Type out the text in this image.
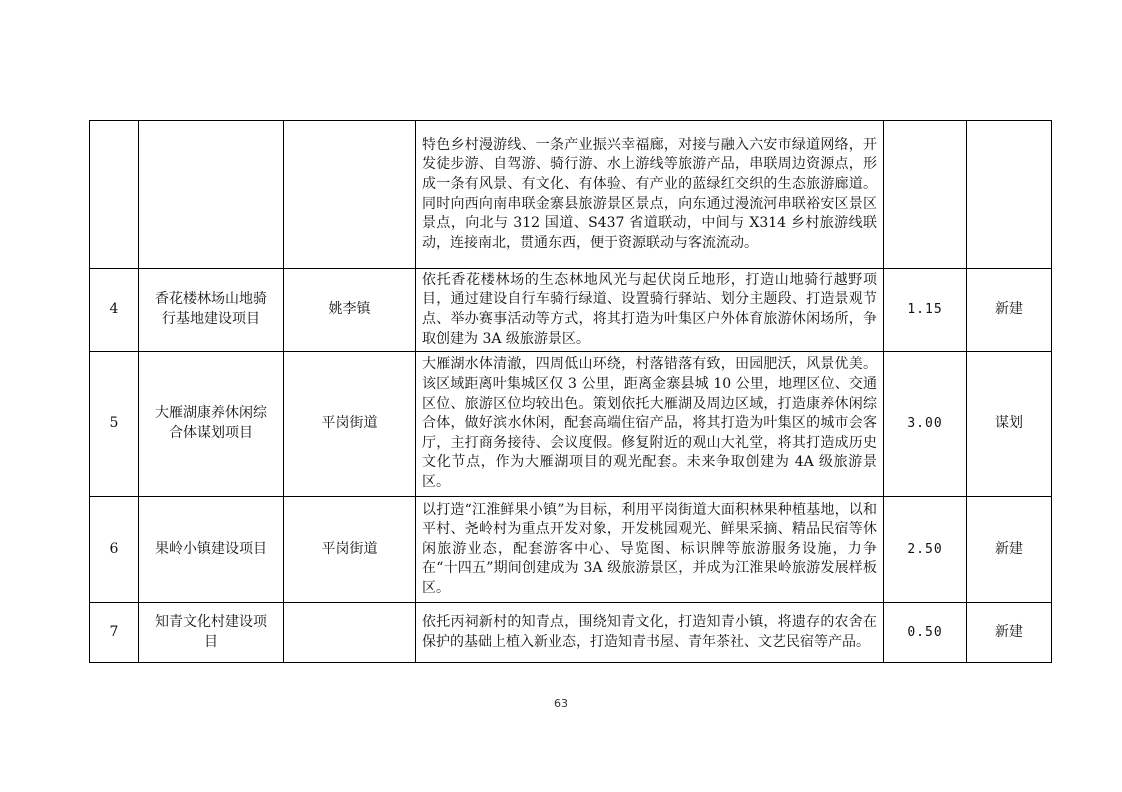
			特色乡村漫游线、一条产业振兴幸福廊，对接与融入六安市绿道网络，开发徒步游、自驾游、骑行游、水上游线等旅游产品，串联周边资源点，形成一条有风景、有文化、有体验、有产业的蓝绿红交织的生态旅游廊道。同时向西向南串联金寨县旅游景区景点，向东通过漫流河串联裕安区景区景点，向北与 312 国道、S437 省道联动，中间与 X314 乡村旅游线联动，连接南北，贯通东西，便于资源联动与客流流动。		

4	香花楼林场山地骑行基地建设项目	姚李镇	依托香花楼林场的生态林地风光与起伏岗丘地形，打造山地骑行越野项目，通过建设自行车骑行绿道、设置骑行驿站、划分主题段、打造景观节点、举办赛事活动等方式，将其打造为叶集区户外体育旅游休闲场所，争取创建为 3A 级旅游景区。	1.15	新建
5	大雁湖康养休闲综合体谋划项目	平岗街道	大雁湖水体清澈，四周低山环绕，村落错落有致，田园肥沃，风景优美。该区域距离叶集城区仅 3 公里，距离金寨县城 10 公里，地理区位、交通区位、旅游区位均较出色。策划依托大雁湖及周边区域，打造康养休闲综合体，做好滨水休闲，配套高端住宿产品，将其打造为叶集区的城市会客厅，主打商务接待、会议度假。修复附近的观山大礼堂，将其打造成历史文化节点，作为大雁湖项目的观光配套。未来争取创建为 4A 级旅游景区。	3.00	谋划
6	果岭小镇建设项目	平岗街道	以打造“江淮鲜果小镇”为目标，利用平岗街道大面积林果种植基地，以和平村、尧岭村为重点开发对象，开发桃园观光、鲜果采摘、精品民宿等休闲旅游业态，配套游客中心、导览图、标识牌等旅游服务设施，力争在“十四五”期间创建成为 3A 级旅游景区，并成为江淮果岭旅游发展样板区。	2.50	新建
7	知青文化村建设项目		依托丙祠新村的知青点，围绕知青文化，打造知青小镇，将遗存的农舍在保护的基础上植入新业态，打造知青书屋、青年茶社、文艺民宿等产品。	0.50	新建
63
